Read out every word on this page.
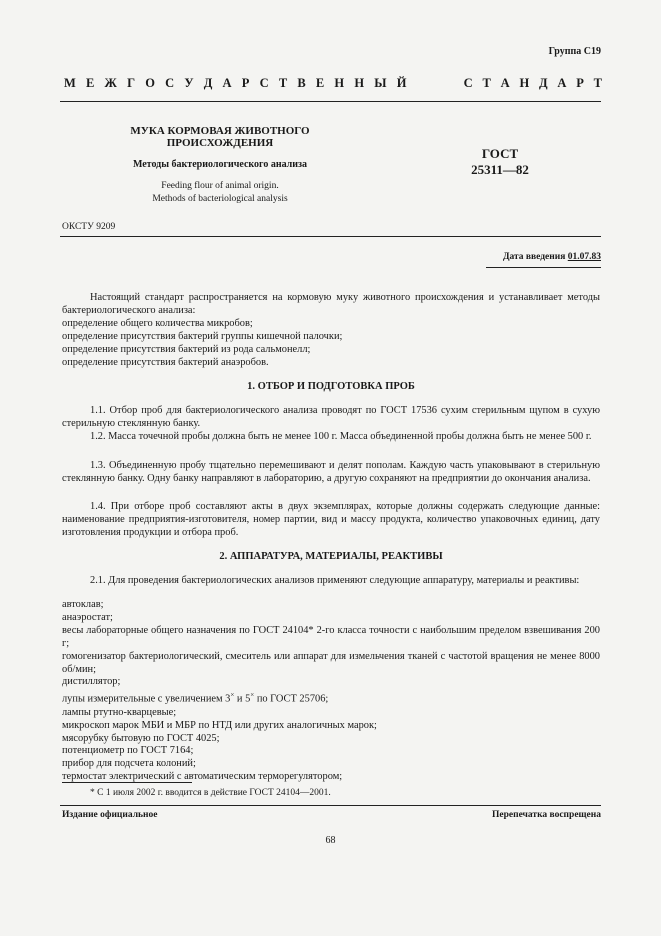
Группа С19
М Е Ж Г О С У Д А Р С Т В Е Н Н Ы Й	С Т А Н Д А Р Т
МУКА КОРМОВАЯ ЖИВОТНОГО
ПРОИСХОЖДЕНИЯ
Методы бактериологического анализа
Feeding flour of animal origin.
Methods of bacteriological analysis
ГОСТ
25311—82
ОКСТУ 9209
Дата введения 01.07.83
Настоящий стандарт распространяется на кормовую муку животного происхождения и устанавливает методы бактериологического анализа:
определение общего количества микробов;
определение присутствия бактерий группы кишечной палочки;
определение присутствия бактерий из рода сальмонелл;
определение присутствия бактерий анаэробов.
1. ОТБОР И ПОДГОТОВКА ПРОБ
1.1. Отбор проб для бактериологического анализа проводят по ГОСТ 17536 сухим стерильным щупом в сухую стерильную стеклянную банку.
1.2. Масса точечной пробы должна быть не менее 100 г. Масса объединенной пробы должна быть не менее 500 г.
1.3. Объединенную пробу тщательно перемешивают и делят пополам. Каждую часть упаковывают в стерильную стеклянную банку. Одну банку направляют в лабораторию, а другую сохраняют на предприятии до окончания анализа.
1.4. При отборе проб составляют акты в двух экземплярах, которые должны содержать следующие данные: наименование предприятия-изготовителя, номер партии, вид и массу продукта, количество упаковочных единиц, дату изготовления продукции и отбора проб.
2. АППАРАТУРА, МАТЕРИАЛЫ, РЕАКТИВЫ
2.1. Для проведения бактериологических анализов применяют следующие аппаратуру, материалы и реактивы:
автоклав;
анаэростат;
весы лабораторные общего назначения по ГОСТ 24104* 2-го класса точности с наибольшим пределом взвешивания 200 г;
гомогенизатор бактериологический, смеситель или аппарат для измельчения тканей с частотой вращения не менее 8000 об/мин;
дистиллятор;
лупы измерительные с увеличением 3× и 5× по ГОСТ 25706;
лампы ртутно-кварцевые;
микроскоп марок МБИ и МБР по НТД или других аналогичных марок;
мясорубку бытовую по ГОСТ 4025;
потенциометр по ГОСТ 7164;
прибор для подсчета колоний;
термостат электрический с автоматическим терморегулятором;
* С 1 июля 2002 г. вводится в действие ГОСТ 24104—2001.
Издание официальное	Перепечатка воспрещена
68
